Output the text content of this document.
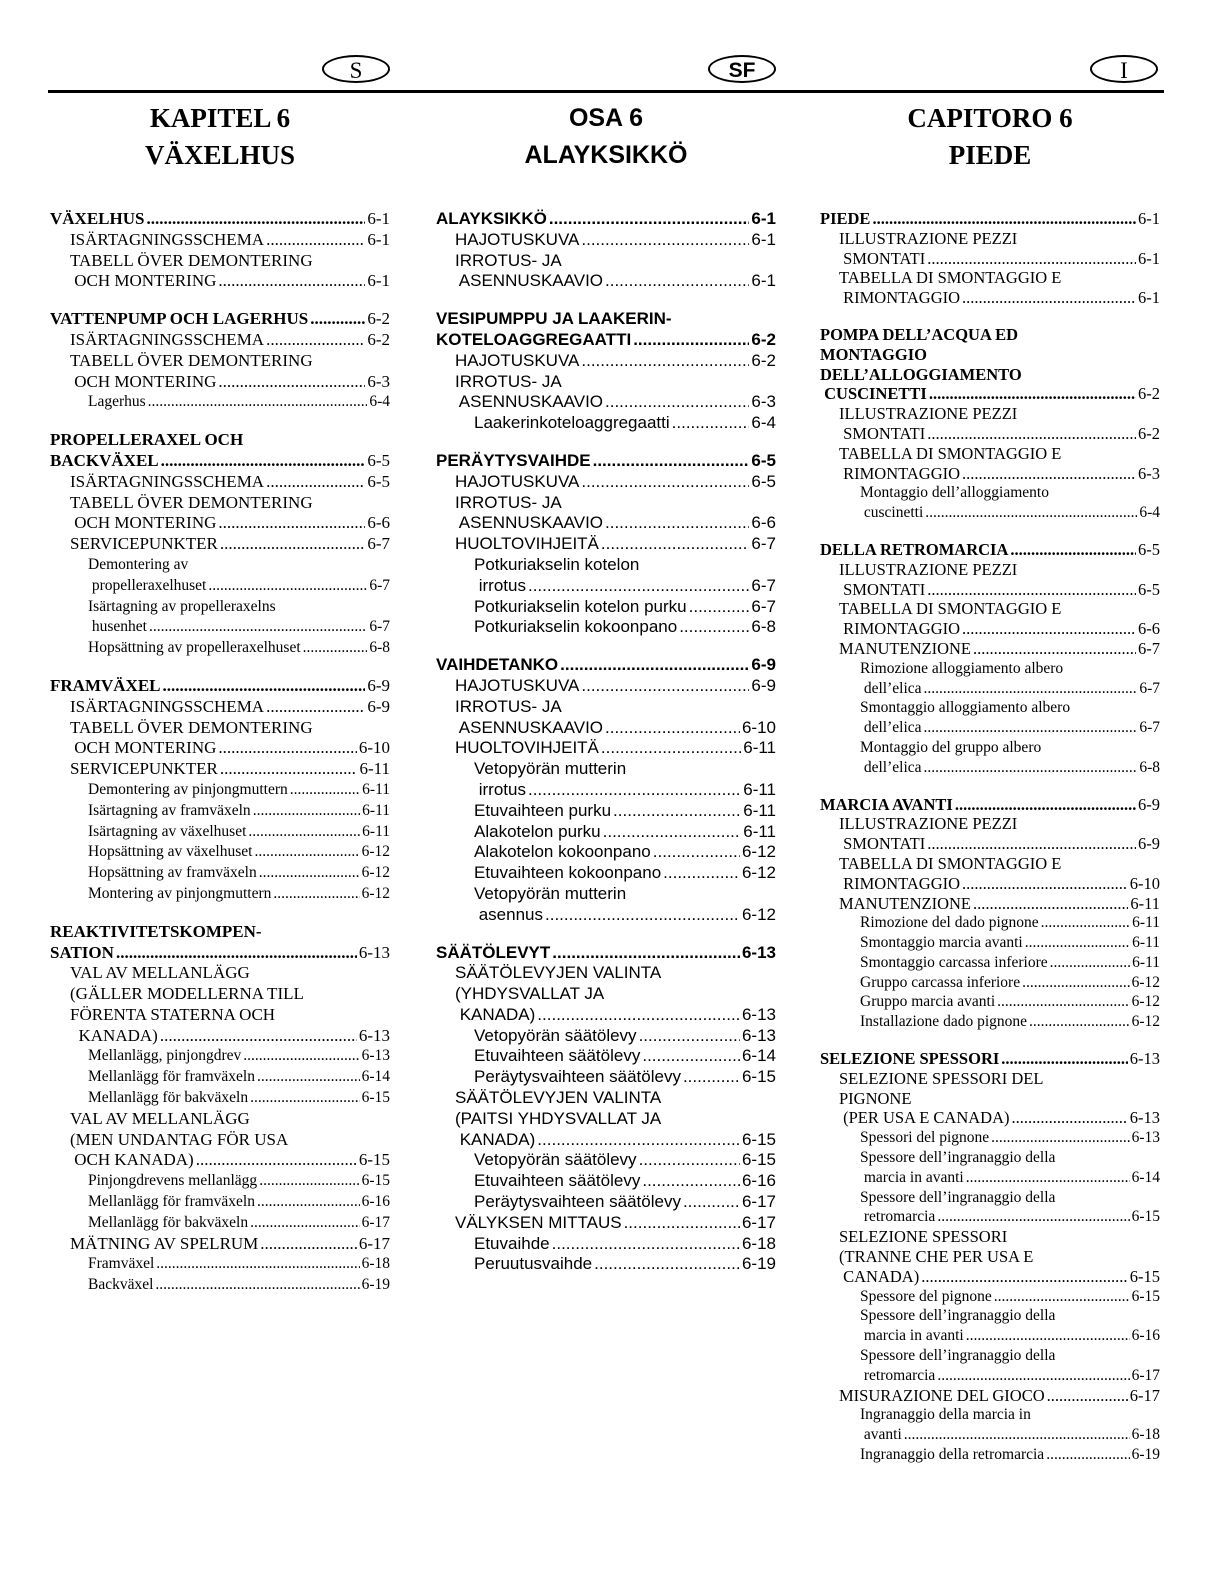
S	SF	I
KAPITEL 6
VÄXELHUS
VÄXELHUS .....	6-1
ISÄRTAGNINGSSCHEMA .....	6-1
TABELL ÖVER DEMONTERING
OCH MONTERING .....	6-1
VATTENPUMP OCH LAGERHUS .....	6-2
ISÄRTAGNINGSSCHEMA .....	6-2
TABELL ÖVER DEMONTERING
OCH MONTERING .....	6-3
Lagerhus .....	6-4
PROPELLERAXEL OCH
BACKVÄXEL .....	6-5
ISÄRTAGNINGSSCHEMA .....	6-5
TABELL ÖVER DEMONTERING
OCH MONTERING .....	6-6
SERVICEPUNKTER .....	6-7
Demontering av
propelleraxelhuset .....	6-7
Isärtagning av propelleraxelns
husenhet .....	6-7
Hopsättning av propelleraxelhuset .....	6-8
FRAMVÄXEL .....	6-9
ISÄRTAGNINGSSCHEMA .....	6-9
TABELL ÖVER DEMONTERING
OCH MONTERING .....	6-10
SERVICEPUNKTER .....	6-11
Demontering av pinjongmuttern .....	6-11
Isärtagning av framväxeln .....	6-11
Isärtagning av växelhuset .....	6-11
Hopsättning av växelhuset .....	6-12
Hopsättning av framväxeln .....	6-12
Montering av pinjongmuttern .....	6-12
REAKTIVITETSKOMPEN-
SATION .....	6-13
VAL AV MELLANLÄGG
(GÄLLER MODELLERNA TILL
FÖRENTA STATERNA OCH
KANADA) .....	6-13
Mellanlägg, pinjongdrev .....	6-13
Mellanlägg för framväxeln .....	6-14
Mellanlägg för bakväxeln .....	6-15
VAL AV MELLANLÄGG
(MEN UNDANTAG FÖR USA
OCH KANADA) .....	6-15
Pinjongdrevens mellanlägg .....	6-15
Mellanlägg för framväxeln .....	6-16
Mellanlägg för bakväxeln .....	6-17
MÄTNING AV SPELRUM .....	6-17
Framväxel .....	6-18
Backväxel .....	6-19
OSA 6
ALAYKSIKKÖ
ALAYKSIKKÖ .....	6-1
HAJOTUSKUVA .....	6-1
IRROTUS- JA
ASENNUSKAAVIO .....	6-1
VESIPUMPPU JA LAAKERIN-
KOTELOAGGREGAATTI .....	6-2
HAJOTUSKUVA .....	6-2
IRROTUS- JA
ASENNUSKAAVIO .....	6-3
Laakerinkoteloaggregaatti .....	6-4
PERÄYTYSVAIHDE .....	6-5
HAJOTUSKUVA .....	6-5
IRROTUS- JA
ASENNUSKAAVIO .....	6-6
HUOLTOVIHJEITÄ .....	6-7
Potkuriakselin kotelon
irrotus .....	6-7
Potkuriakselin kotelon purku .....	6-7
Potkuriakselin kokoonpano .....	6-8
VAIHDETANKO .....	6-9
HAJOTUSKUVA .....	6-9
IRROTUS- JA
ASENNUSKAAVIO .....	6-10
HUOLTOVIHJEITÄ .....	6-11
Vetopyörän mutterin
irrotus .....	6-11
Etuvaihteen purku .....	6-11
Alakotelon purku .....	6-11
Alakotelon kokoonpano .....	6-12
Etuvaihteen kokoonpano .....	6-12
Vetopyörän mutterin
asennus .....	6-12
SÄÄTÖLEVYT .....	6-13
SÄÄTÖLEVYJEN VALINTA
(YHDYSVALLAT JA
KANADA) .....	6-13
Vetopyörän säätölevy .....	6-13
Etuvaihteen säätölevy .....	6-14
Peräytysvaihteen säätölevy .....	6-15
SÄÄTÖLEVYJEN VALINTA
(PAITSI YHDYSVALLAT JA
KANADA) .....	6-15
Vetopyörän säätölevy .....	6-15
Etuvaihteen säätölevy .....	6-16
Peräytysvaihteen säätölevy .....	6-17
VÄLYKSEN MITTAUS .....	6-17
Etuvaihde .....	6-18
Peruutusvaihde .....	6-19
CAPITORO 6
PIEDE
PIEDE .....	6-1
ILLUSTRAZIONE PEZZI
SMONTATI .....	6-1
TABELLA DI SMONTAGGIO E
RIMONTAGGIO .....	6-1
POMPA DELL’ACQUA ED
MONTAGGIO
DELL’ALLOGGIAMENTO
CUSCINETTI .....	6-2
ILLUSTRAZIONE PEZZI
SMONTATI .....	6-2
TABELLA DI SMONTAGGIO E
RIMONTAGGIO .....	6-3
Montaggio dell’alloggiamento
cuscinetti .....	6-4
DELLA RETROMARCIA .....	6-5
ILLUSTRAZIONE PEZZI
SMONTATI .....	6-5
TABELLA DI SMONTAGGIO E
RIMONTAGGIO .....	6-6
MANUTENZIONE .....	6-7
Rimozione alloggiamento albero
dell’elica .....	6-7
Smontaggio alloggiamento albero
dell’elica .....	6-7
Montaggio del gruppo albero
dell’elica .....	6-8
MARCIA AVANTI .....	6-9
ILLUSTRAZIONE PEZZI
SMONTATI .....	6-9
TABELLA DI SMONTAGGIO E
RIMONTAGGIO .....	6-10
MANUTENZIONE .....	6-11
Rimozione del dado pignone .....	6-11
Smontaggio marcia avanti .....	6-11
Smontaggio carcassa inferiore .....	6-11
Gruppo carcassa inferiore .....	6-12
Gruppo marcia avanti .....	6-12
Installazione dado pignone .....	6-12
SELEZIONE SPESSORI .....	6-13
SELEZIONE SPESSORI DEL
PIGNONE
(PER USA E CANADA) .....	6-13
Spessori del pignone .....	6-13
Spessore dell’ingranaggio della
marcia in avanti .....	6-14
Spessore dell’ingranaggio della
retromarcia .....	6-15
SELEZIONE SPESSORI
(TRANNE CHE PER USA E
CANADA) .....	6-15
Spessore del pignone .....	6-15
Spessore dell’ingranaggio della
marcia in avanti .....	6-16
Spessore dell’ingranaggio della
retromarcia .....	6-17
MISURAZIONE DEL GIOCO .....	6-17
Ingranaggio della marcia in
avanti .....	6-18
Ingranaggio della retromarcia .....	6-19
